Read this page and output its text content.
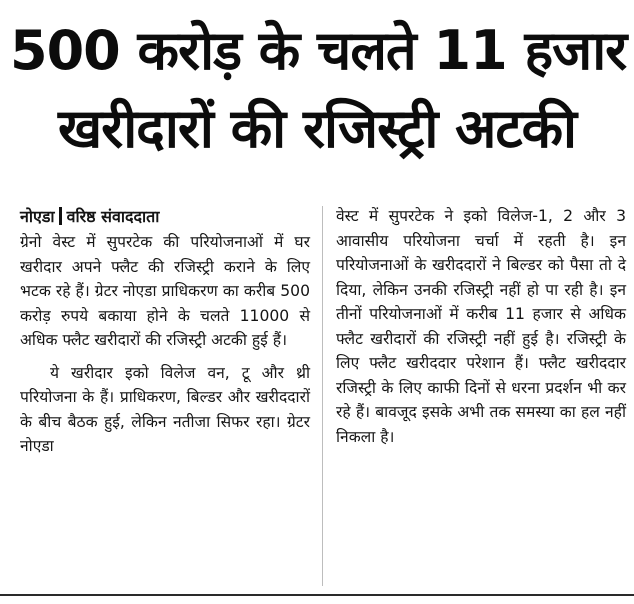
500 करोड़ के चलते 11 हजार
खरीदारों की रजिस्ट्री अटकी
नोएडा वरिष्ठ संवाददाता

ग्रेनो वेस्ट में सुपरटेक की परियोजनाओं में घर खरीदार अपने फ्लैट की रजिस्ट्री कराने के लिए भटक रहे हैं। ग्रेटर नोएडा प्राधिकरण का करीब 500 करोड़ रुपये बकाया होने के चलते 11000 से अधिक फ्लैट खरीदारों की रजिस्ट्री अटकी हुई हैं।

ये खरीदार इको विलेज वन, टू और थ्री परियोजना के हैं। प्राधिकरण, बिल्डर और खरीददारों के बीच बैठक हुई, लेकिन नतीजा सिफर रहा। ग्रेटर नोएडा

वेस्ट में सुपरटेक ने इको विलेज-1, 2 और 3 आवासीय परियोजना चर्चा में रहती है। इन परियोजनाओं के खरीददारों ने बिल्डर को पैसा तो दे दिया, लेकिन उनकी रजिस्ट्री नहीं हो पा रही है। इन तीनों परियोजनाओं में करीब 11 हजार से अधिक फ्लैट खरीदारों की रजिस्ट्री नहीं हुई है। रजिस्ट्री के लिए फ्लैट खरीददार परेशान हैं। फ्लैट खरीददार रजिस्ट्री के लिए काफी दिनों से धरना प्रदर्शन भी कर रहे हैं। बावजूद इसके अभी तक समस्या का हल नहीं निकला है।
